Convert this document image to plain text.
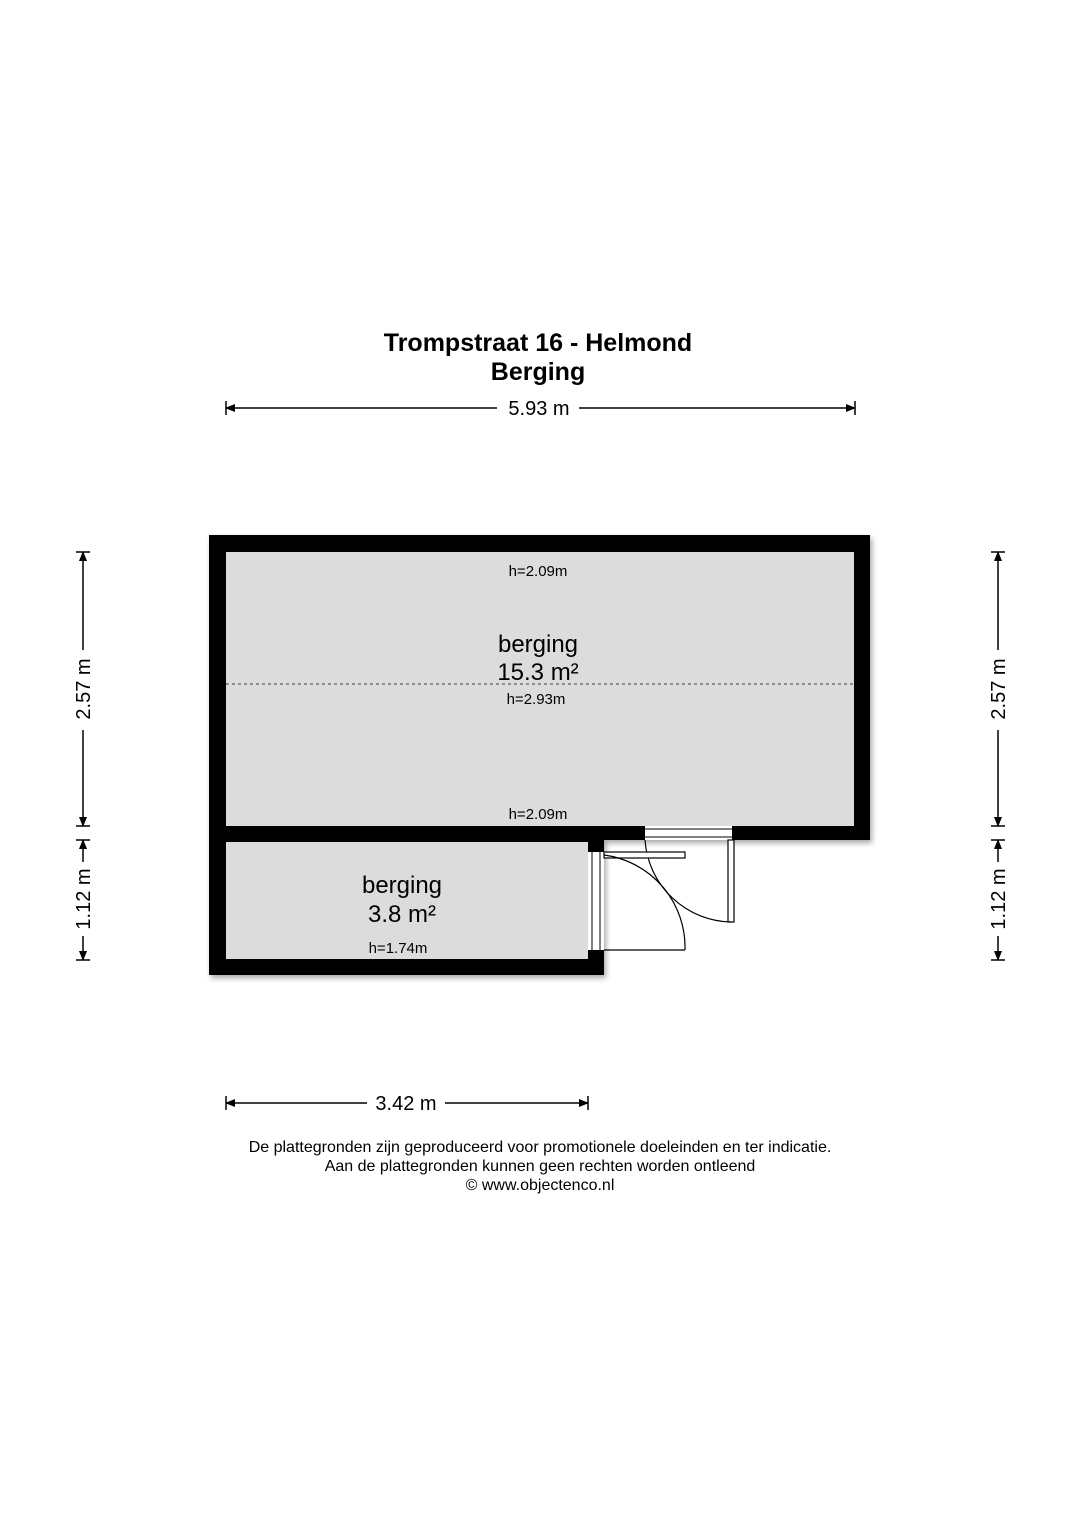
Trompstraat 16 - Helmond
Berging
5.93 m
2.57 m
1.12 m
2.57 m
1.12 m
h=2.09m
berging
15.3 m²
h=2.93m
h=2.09m
berging
3.8 m²
h=1.74m
3.42 m
De plattegronden zijn geproduceerd voor promotionele doeleinden en ter indicatie.
Aan de plattegronden kunnen geen rechten worden ontleend
© www.objectenco.nl
